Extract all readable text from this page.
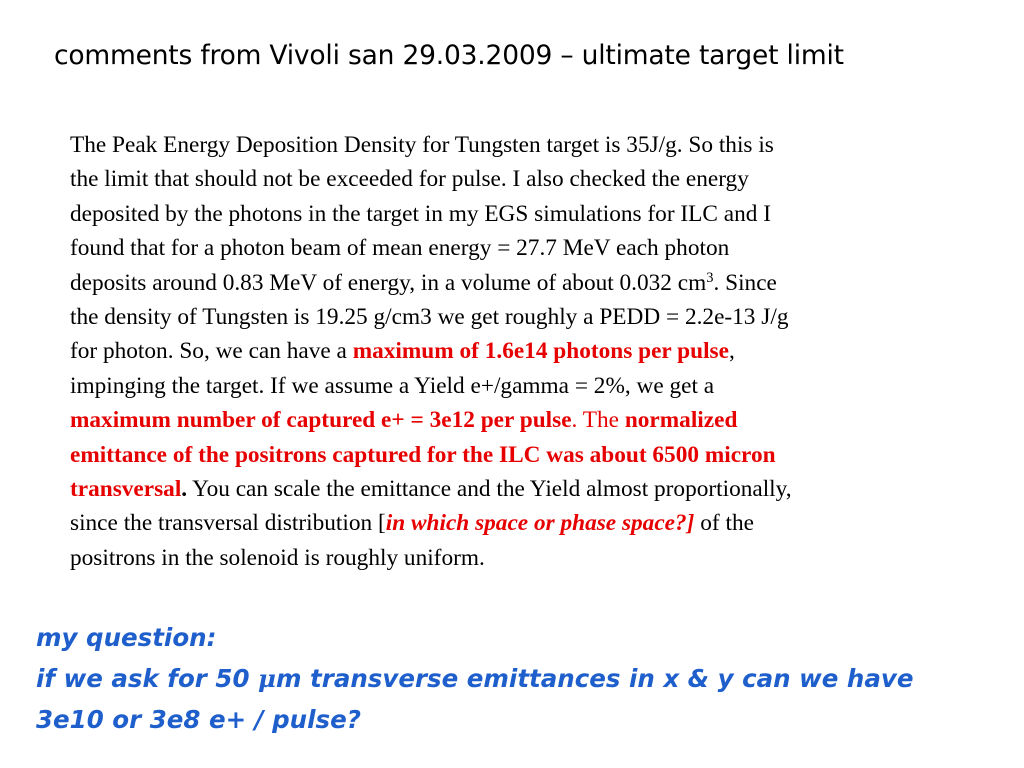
comments from Vivoli san 29.03.2009 – ultimate target limit
The Peak Energy Deposition Density for Tungsten target is 35J/g. So this is
the limit that should not be exceeded for pulse. I also checked the energy
deposited by the photons in the target in my EGS simulations for ILC and I
found that for a photon beam of mean energy = 27.7 MeV each photon
deposits around 0.83 MeV of energy, in a volume of about 0.032 $cm^3$. Since
the density of Tungsten is 19.25 g/cm3 we get roughly a PEDD = 2.2e-13 J/g
for photon. So, we can have a maximum of 1.6e14 photons per pulse,
impinging the target. If we assume a Yield e+/gamma = 2%, we get a
maximum number of captured e+ = 3e12 per pulse. The normalized
emittance of the positrons captured for the ILC was about 6500 micron
transversal. You can scale the emittance and the Yield almost proportionally,
since the transversal distribution [in which space or phase space?] of the
positrons in the solenoid is roughly uniform.
my question:
if we ask for 50 μm transverse emittances in x & y can we have
3e10 or 3e8 e+ / pulse?
